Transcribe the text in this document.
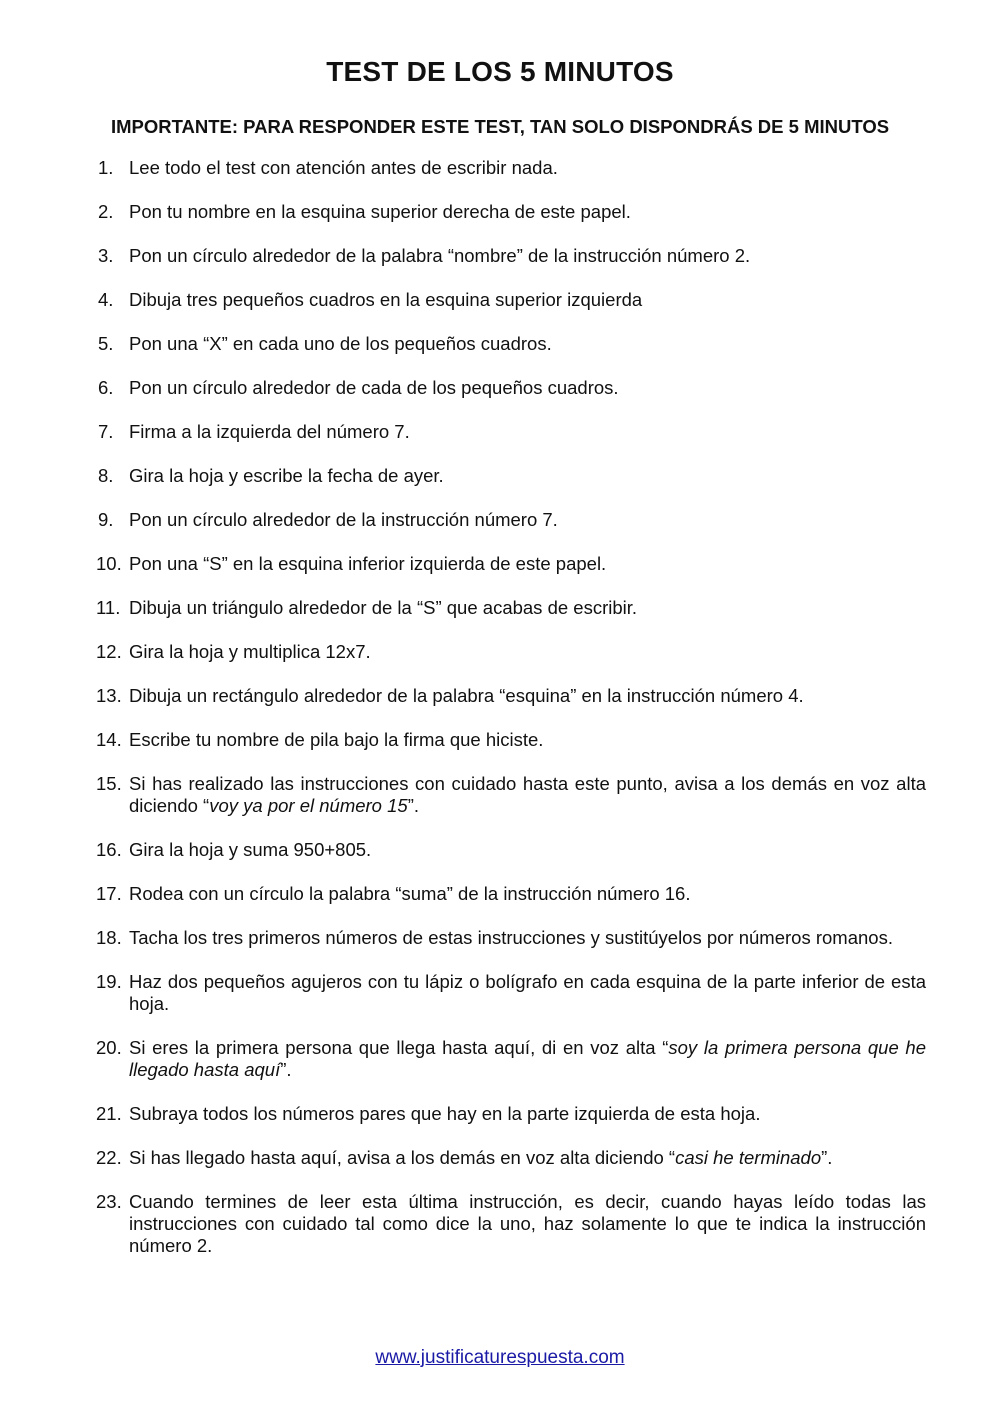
TEST DE LOS 5 MINUTOS
IMPORTANTE: PARA RESPONDER ESTE TEST, TAN SOLO DISPONDRÁS DE 5 MINUTOS
1. Lee todo el test con atención antes de escribir nada.
2. Pon tu nombre en la esquina superior derecha de este papel.
3. Pon un círculo alrededor de la palabra “nombre” de la instrucción número 2.
4. Dibuja tres pequeños cuadros en la esquina superior izquierda
5. Pon una “X” en cada uno de los pequeños cuadros.
6. Pon un círculo alrededor de cada de los pequeños cuadros.
7. Firma a la izquierda del número 7.
8. Gira la hoja y escribe la fecha de ayer.
9. Pon un círculo alrededor de la instrucción número 7.
10. Pon una “S” en la esquina inferior izquierda de este papel.
11. Dibuja un triángulo alrededor de la “S” que acabas de escribir.
12. Gira la hoja y multiplica 12x7.
13. Dibuja un rectángulo alrededor de la palabra “esquina” en la instrucción número 4.
14. Escribe tu nombre de pila bajo la firma que hiciste.
15. Si has realizado las instrucciones con cuidado hasta este punto, avisa a los demás en voz alta diciendo “voy ya por el número 15”.
16. Gira la hoja y suma 950+805.
17. Rodea con un círculo la palabra “suma” de la instrucción número 16.
18. Tacha los tres primeros números de estas instrucciones y sustitúyelos por números romanos.
19. Haz dos pequeños agujeros con tu lápiz o bolígrafo en cada esquina de la parte inferior de esta hoja.
20. Si eres la primera persona que llega hasta aquí, di en voz alta “soy la primera persona que he llegado hasta aquí”.
21. Subraya todos los números pares que hay en la parte izquierda de esta hoja.
22. Si has llegado hasta aquí, avisa a los demás en voz alta diciendo “casi he terminado”.
23. Cuando termines de leer esta última instrucción, es decir, cuando hayas leído todas las instrucciones con cuidado tal como dice la uno, haz solamente lo que te indica la instrucción número 2.
www.justificaturespuesta.com
